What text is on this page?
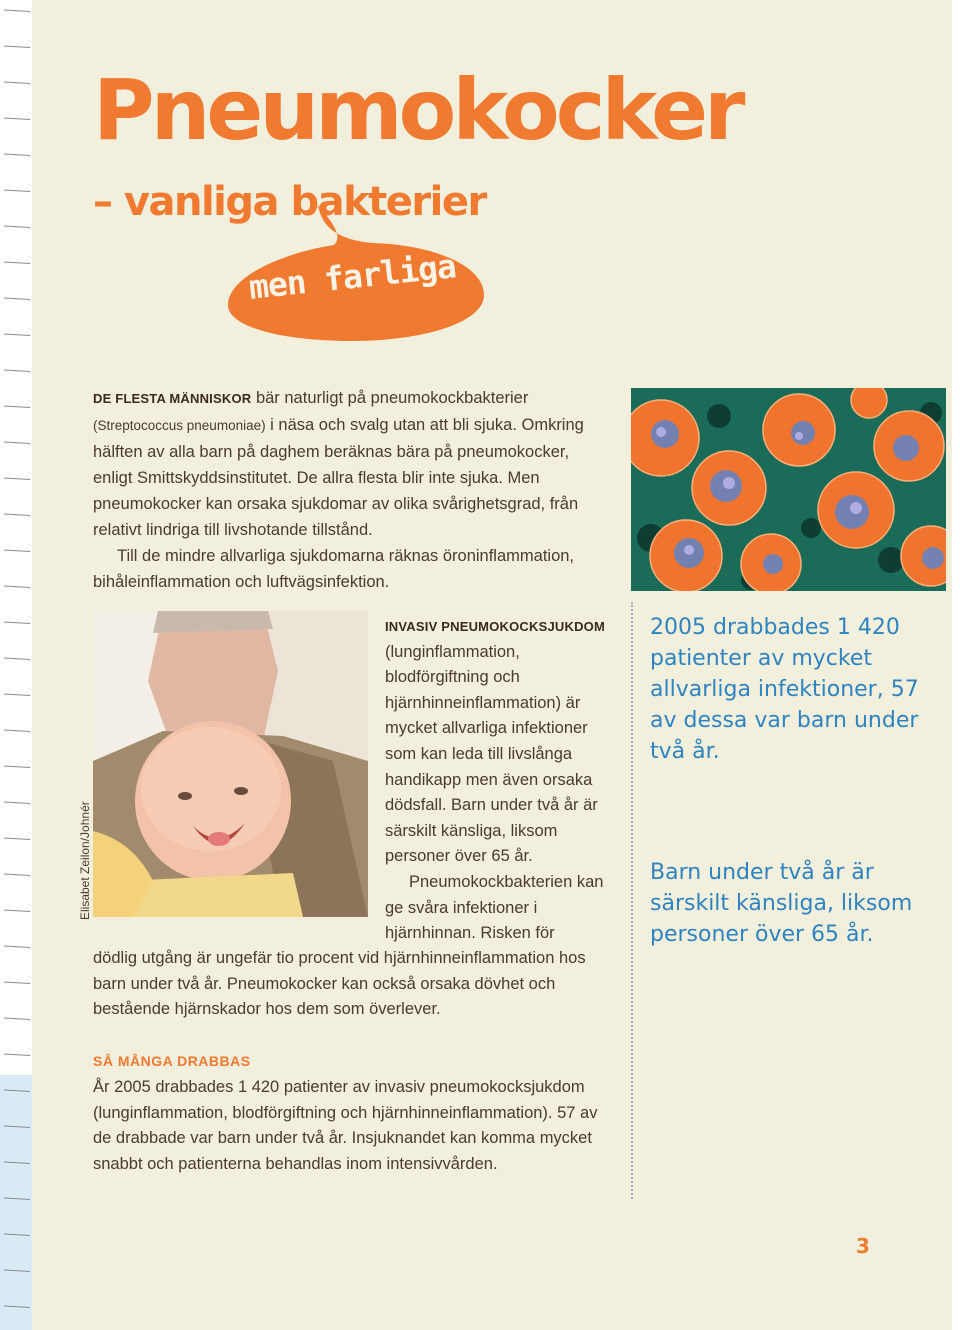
Pneumokocker
– vanliga bakterier
men farliga

DE FLESTA MÄNNISKOR bär naturligt på pneumokockbakterier (Streptococcus pneumoniae) i näsa och svalg utan att bli sjuka. Omkring hälften av alla barn på daghem beräknas bära på pneumokocker, enligt Smittskyddsinstitutet. De allra flesta blir inte sjuka. Men pneumokocker kan orsaka sjukdomar av olika svårighetsgrad, från relativt lindriga till livshotande tillstånd.
Till de mindre allvarliga sjukdomarna räknas öroninflammation, bihåleinflammation och luftvägsinfektion.

Elisabet Zeilon/Johnér

INVASIV PNEUMOKOCKSJUKDOM (lunginflammation, blodförgiftning och hjärnhinneinflammation) är mycket allvarliga infektioner som kan leda till livslånga handikapp men även orsaka dödsfall. Barn under två år är särskilt känsliga, liksom personer över 65 år.
Pneumokockbakterien kan ge svåra infektioner i hjärnhinnan. Risken för

dödlig utgång är ungefär tio procent vid hjärnhinneinflammation hos barn under två år. Pneumokocker kan också orsaka dövhet och bestående hjärnskador hos dem som överlever.

2005 drabbades 1 420 patienter av mycket allvarliga infektioner, 57 av dessa var barn under två år.

Barn under två år är särskilt känsliga, liksom personer över 65 år.

SÅ MÅNGA DRABBAS

År 2005 drabbades 1 420 patienter av invasiv pneumokocksjukdom (lunginflammation, blodförgiftning och hjärnhinneinflammation). 57 av de drabbade var barn under två år. Insjuknandet kan komma mycket snabbt och patienterna behandlas inom intensivvården.

3
